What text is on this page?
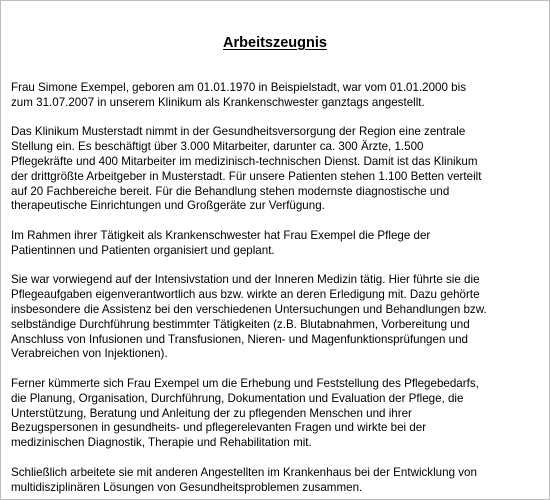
Arbeitszeugnis
Frau Simone Exempel, geboren am 01.01.1970 in Beispielstadt, war vom 01.01.2000 bis
zum 31.07.2007 in unserem Klinikum als Krankenschwester ganztags angestellt.
Das Klinikum Musterstadt nimmt in der Gesundheitsversorgung der Region eine zentrale
Stellung ein. Es beschäftigt über 3.000 Mitarbeiter, darunter ca. 300 Ärzte, 1.500
Pflegekräfte und 400 Mitarbeiter im medizinisch-technischen Dienst. Damit ist das Klinikum
der drittgrößte Arbeitgeber in Musterstadt. Für unsere Patienten stehen 1.100 Betten verteilt
auf 20 Fachbereiche bereit. Für die Behandlung stehen modernste diagnostische und
therapeutische Einrichtungen und Großgeräte zur Verfügung.
Im Rahmen ihrer Tätigkeit als Krankenschwester hat Frau Exempel die Pflege der
Patientinnen und Patienten organisiert und geplant.
Sie war vorwiegend auf der Intensivstation und der Inneren Medizin tätig. Hier führte sie die
Pflegeaufgaben eigenverantwortlich aus bzw. wirkte an deren Erledigung mit. Dazu gehörte
insbesondere die Assistenz bei den verschiedenen Untersuchungen und Behandlungen bzw.
selbständige Durchführung bestimmter Tätigkeiten (z.B. Blutabnahmen, Vorbereitung und
Anschluss von Infusionen und Transfusionen, Nieren- und Magenfunktionsprüfungen und
Verabreichen von Injektionen).
Ferner kümmerte sich Frau Exempel um die Erhebung und Feststellung des Pflegebedarfs,
die Planung, Organisation, Durchführung, Dokumentation und Evaluation der Pflege, die
Unterstützung, Beratung und Anleitung der zu pflegenden Menschen und ihrer
Bezugspersonen in gesundheits- und pflegerelevanten Fragen und wirkte bei der
medizinischen Diagnostik, Therapie und Rehabilitation mit.
Schließlich arbeitete sie mit anderen Angestellten im Krankenhaus bei der Entwicklung von
multidisziplinären Lösungen von Gesundheitsproblemen zusammen.
